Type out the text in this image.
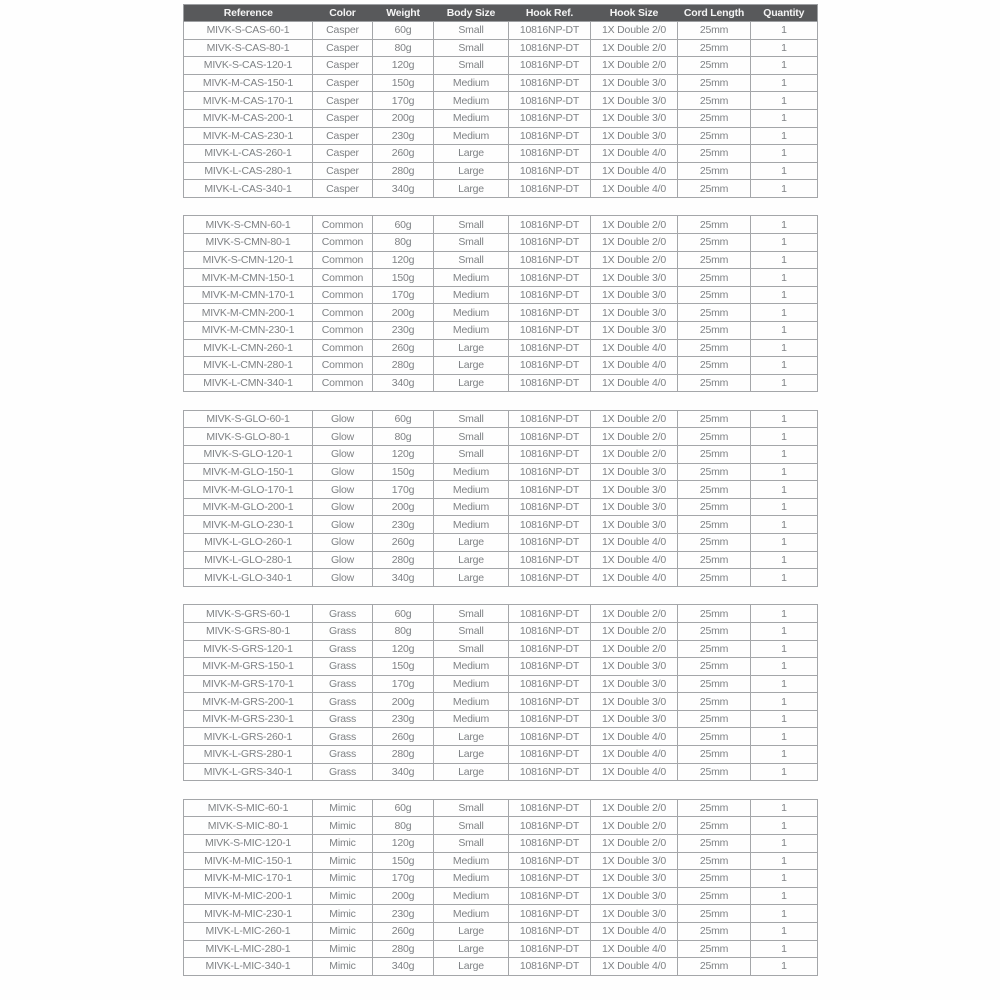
Reference	Color	Weight	Body Size	Hook Ref.	Hook Size	Cord Length	Quantity
MIVK-S-CAS-60-1	Casper	60g	Small	10816NP-DT	1X Double 2/0	25mm	1
MIVK-S-CAS-80-1	Casper	80g	Small	10816NP-DT	1X Double 2/0	25mm	1
MIVK-S-CAS-120-1	Casper	120g	Small	10816NP-DT	1X Double 2/0	25mm	1
MIVK-M-CAS-150-1	Casper	150g	Medium	10816NP-DT	1X Double 3/0	25mm	1
MIVK-M-CAS-170-1	Casper	170g	Medium	10816NP-DT	1X Double 3/0	25mm	1
MIVK-M-CAS-200-1	Casper	200g	Medium	10816NP-DT	1X Double 3/0	25mm	1
MIVK-M-CAS-230-1	Casper	230g	Medium	10816NP-DT	1X Double 3/0	25mm	1
MIVK-L-CAS-260-1	Casper	260g	Large	10816NP-DT	1X Double 4/0	25mm	1
MIVK-L-CAS-280-1	Casper	280g	Large	10816NP-DT	1X Double 4/0	25mm	1
MIVK-L-CAS-340-1	Casper	340g	Large	10816NP-DT	1X Double 4/0	25mm	1
MIVK-S-CMN-60-1	Common	60g	Small	10816NP-DT	1X Double 2/0	25mm	1
MIVK-S-CMN-80-1	Common	80g	Small	10816NP-DT	1X Double 2/0	25mm	1
MIVK-S-CMN-120-1	Common	120g	Small	10816NP-DT	1X Double 2/0	25mm	1
MIVK-M-CMN-150-1	Common	150g	Medium	10816NP-DT	1X Double 3/0	25mm	1
MIVK-M-CMN-170-1	Common	170g	Medium	10816NP-DT	1X Double 3/0	25mm	1
MIVK-M-CMN-200-1	Common	200g	Medium	10816NP-DT	1X Double 3/0	25mm	1
MIVK-M-CMN-230-1	Common	230g	Medium	10816NP-DT	1X Double 3/0	25mm	1
MIVK-L-CMN-260-1	Common	260g	Large	10816NP-DT	1X Double 4/0	25mm	1
MIVK-L-CMN-280-1	Common	280g	Large	10816NP-DT	1X Double 4/0	25mm	1
MIVK-L-CMN-340-1	Common	340g	Large	10816NP-DT	1X Double 4/0	25mm	1
MIVK-S-GLO-60-1	Glow	60g	Small	10816NP-DT	1X Double 2/0	25mm	1
MIVK-S-GLO-80-1	Glow	80g	Small	10816NP-DT	1X Double 2/0	25mm	1
MIVK-S-GLO-120-1	Glow	120g	Small	10816NP-DT	1X Double 2/0	25mm	1
MIVK-M-GLO-150-1	Glow	150g	Medium	10816NP-DT	1X Double 3/0	25mm	1
MIVK-M-GLO-170-1	Glow	170g	Medium	10816NP-DT	1X Double 3/0	25mm	1
MIVK-M-GLO-200-1	Glow	200g	Medium	10816NP-DT	1X Double 3/0	25mm	1
MIVK-M-GLO-230-1	Glow	230g	Medium	10816NP-DT	1X Double 3/0	25mm	1
MIVK-L-GLO-260-1	Glow	260g	Large	10816NP-DT	1X Double 4/0	25mm	1
MIVK-L-GLO-280-1	Glow	280g	Large	10816NP-DT	1X Double 4/0	25mm	1
MIVK-L-GLO-340-1	Glow	340g	Large	10816NP-DT	1X Double 4/0	25mm	1
MIVK-S-GRS-60-1	Grass	60g	Small	10816NP-DT	1X Double 2/0	25mm	1
MIVK-S-GRS-80-1	Grass	80g	Small	10816NP-DT	1X Double 2/0	25mm	1
MIVK-S-GRS-120-1	Grass	120g	Small	10816NP-DT	1X Double 2/0	25mm	1
MIVK-M-GRS-150-1	Grass	150g	Medium	10816NP-DT	1X Double 3/0	25mm	1
MIVK-M-GRS-170-1	Grass	170g	Medium	10816NP-DT	1X Double 3/0	25mm	1
MIVK-M-GRS-200-1	Grass	200g	Medium	10816NP-DT	1X Double 3/0	25mm	1
MIVK-M-GRS-230-1	Grass	230g	Medium	10816NP-DT	1X Double 3/0	25mm	1
MIVK-L-GRS-260-1	Grass	260g	Large	10816NP-DT	1X Double 4/0	25mm	1
MIVK-L-GRS-280-1	Grass	280g	Large	10816NP-DT	1X Double 4/0	25mm	1
MIVK-L-GRS-340-1	Grass	340g	Large	10816NP-DT	1X Double 4/0	25mm	1
MIVK-S-MIC-60-1	Mimic	60g	Small	10816NP-DT	1X Double 2/0	25mm	1
MIVK-S-MIC-80-1	Mimic	80g	Small	10816NP-DT	1X Double 2/0	25mm	1
MIVK-S-MIC-120-1	Mimic	120g	Small	10816NP-DT	1X Double 2/0	25mm	1
MIVK-M-MIC-150-1	Mimic	150g	Medium	10816NP-DT	1X Double 3/0	25mm	1
MIVK-M-MIC-170-1	Mimic	170g	Medium	10816NP-DT	1X Double 3/0	25mm	1
MIVK-M-MIC-200-1	Mimic	200g	Medium	10816NP-DT	1X Double 3/0	25mm	1
MIVK-M-MIC-230-1	Mimic	230g	Medium	10816NP-DT	1X Double 3/0	25mm	1
MIVK-L-MIC-260-1	Mimic	260g	Large	10816NP-DT	1X Double 4/0	25mm	1
MIVK-L-MIC-280-1	Mimic	280g	Large	10816NP-DT	1X Double 4/0	25mm	1
MIVK-L-MIC-340-1	Mimic	340g	Large	10816NP-DT	1X Double 4/0	25mm	1
